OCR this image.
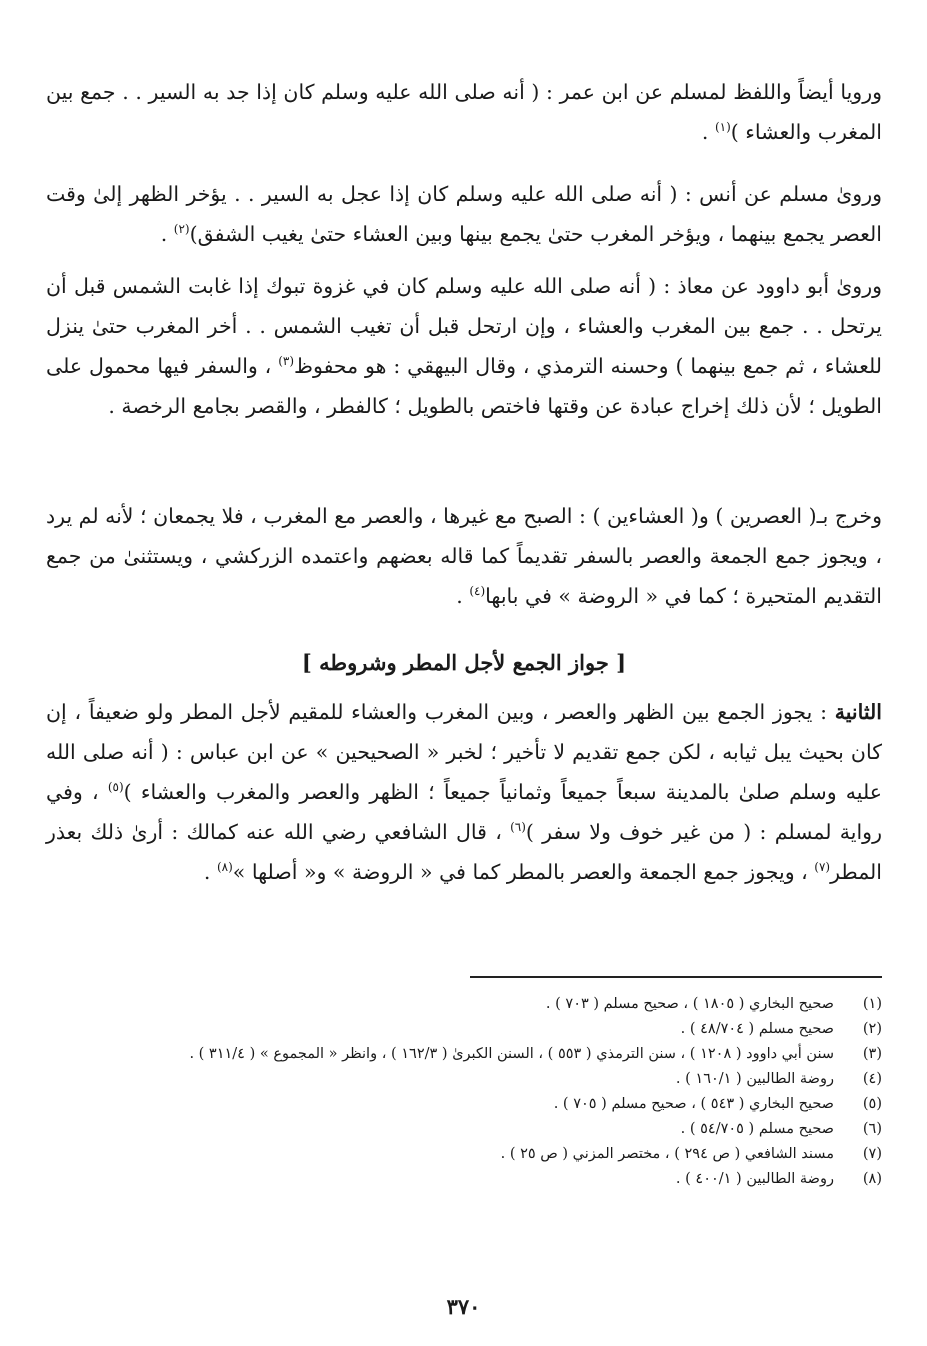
ورويا أيضاً واللفظ لمسلم عن ابن عمر : ( أنه صلى الله عليه وسلم كان إذا جد به السير . . جمع بين المغرب والعشاء )$^{(١)}$ .

وروىٰ مسلم عن أنس : ( أنه صلى الله عليه وسلم كان إذا عجل به السير . . يؤخر الظهر إلىٰ وقت العصر يجمع بينهما ، ويؤخر المغرب حتىٰ يجمع بينها وبين العشاء حتىٰ يغيب الشفق)$^{(٢)}$ .

وروىٰ أبو داوود عن معاذ : ( أنه صلى الله عليه وسلم كان في غزوة تبوك إذا غابت الشمس قبل أن يرتحل . . جمع بين المغرب والعشاء ، وإن ارتحل قبل أن تغيب الشمس . . أخر المغرب حتىٰ ينزل للعشاء ، ثم جمع بينهما ) وحسنه الترمذي ، وقال البيهقي : هو محفوظ$^{(٣)}$ ، والسفر فيها محمول على الطويل ؛ لأن ذلك إخراج عبادة عن وقتها فاختص بالطويل ؛ كالفطر ، والقصر بجامع الرخصة .

وخرج بـ( العصرين ) و( العشاءين ) : الصبح مع غيرها ، والعصر مع المغرب ، فلا يجمعان ؛ لأنه لم يرد ، ويجوز جمع الجمعة والعصر بالسفر تقديماً كما قاله بعضهم واعتمده الزركشي ، ويستثنىٰ من جمع التقديم المتحيرة ؛ كما في « الروضة » في بابها$^{(٤)}$ .

[ جواز الجمع لأجل المطر وشروطه ]

الثانية : يجوز الجمع بين الظهر والعصر ، وبين المغرب والعشاء للمقيم لأجل المطر ولو ضعيفاً ، إن كان بحيث يبل ثيابه ، لكن جمع تقديم لا تأخير ؛ لخبر « الصحيحين » عن ابن عباس : ( أنه صلى الله عليه وسلم صلىٰ بالمدينة سبعاً جميعاً وثمانياً جميعاً ؛ الظهر والعصر والمغرب والعشاء )$^{(٥)}$ ، وفي رواية لمسلم : ( من غير خوف ولا سفر )$^{(٦)}$ ، قال الشافعي رضي الله عنه كمالك : أرىٰ ذلك بعذر المطر$^{(٧)}$ ، ويجوز جمع الجمعة والعصر بالمطر كما في « الروضة » و« أصلها »$^{(٨)}$ .

(١)
صحيح البخاري ( ١٨٠٥ ) ، صحيح مسلم ( ٧٠٣ ) .
(٢)
صحيح مسلم ( ٤٨/٧٠٤ ) .
(٣)
سنن أبي داوود ( ١٢٠٨ ) ، سنن الترمذي ( ٥٥٣ ) ، السنن الكبرىٰ ( ١٦٢/٣ ) ، وانظر « المجموع » ( ٣١١/٤ ) .
(٤)
روضة الطالبين ( ١٦٠/١ ) .
(٥)
صحيح البخاري ( ٥٤٣ ) ، صحيح مسلم ( ٧٠٥ ) .
(٦)
صحيح مسلم ( ٥٤/٧٠٥ ) .
(٧)
مسند الشافعي ( ص ٢٩٤ ) ، مختصر المزني ( ص ٢٥ ) .
(٨)
روضة الطالبين ( ٤٠٠/١ ) .
٣٧٠
